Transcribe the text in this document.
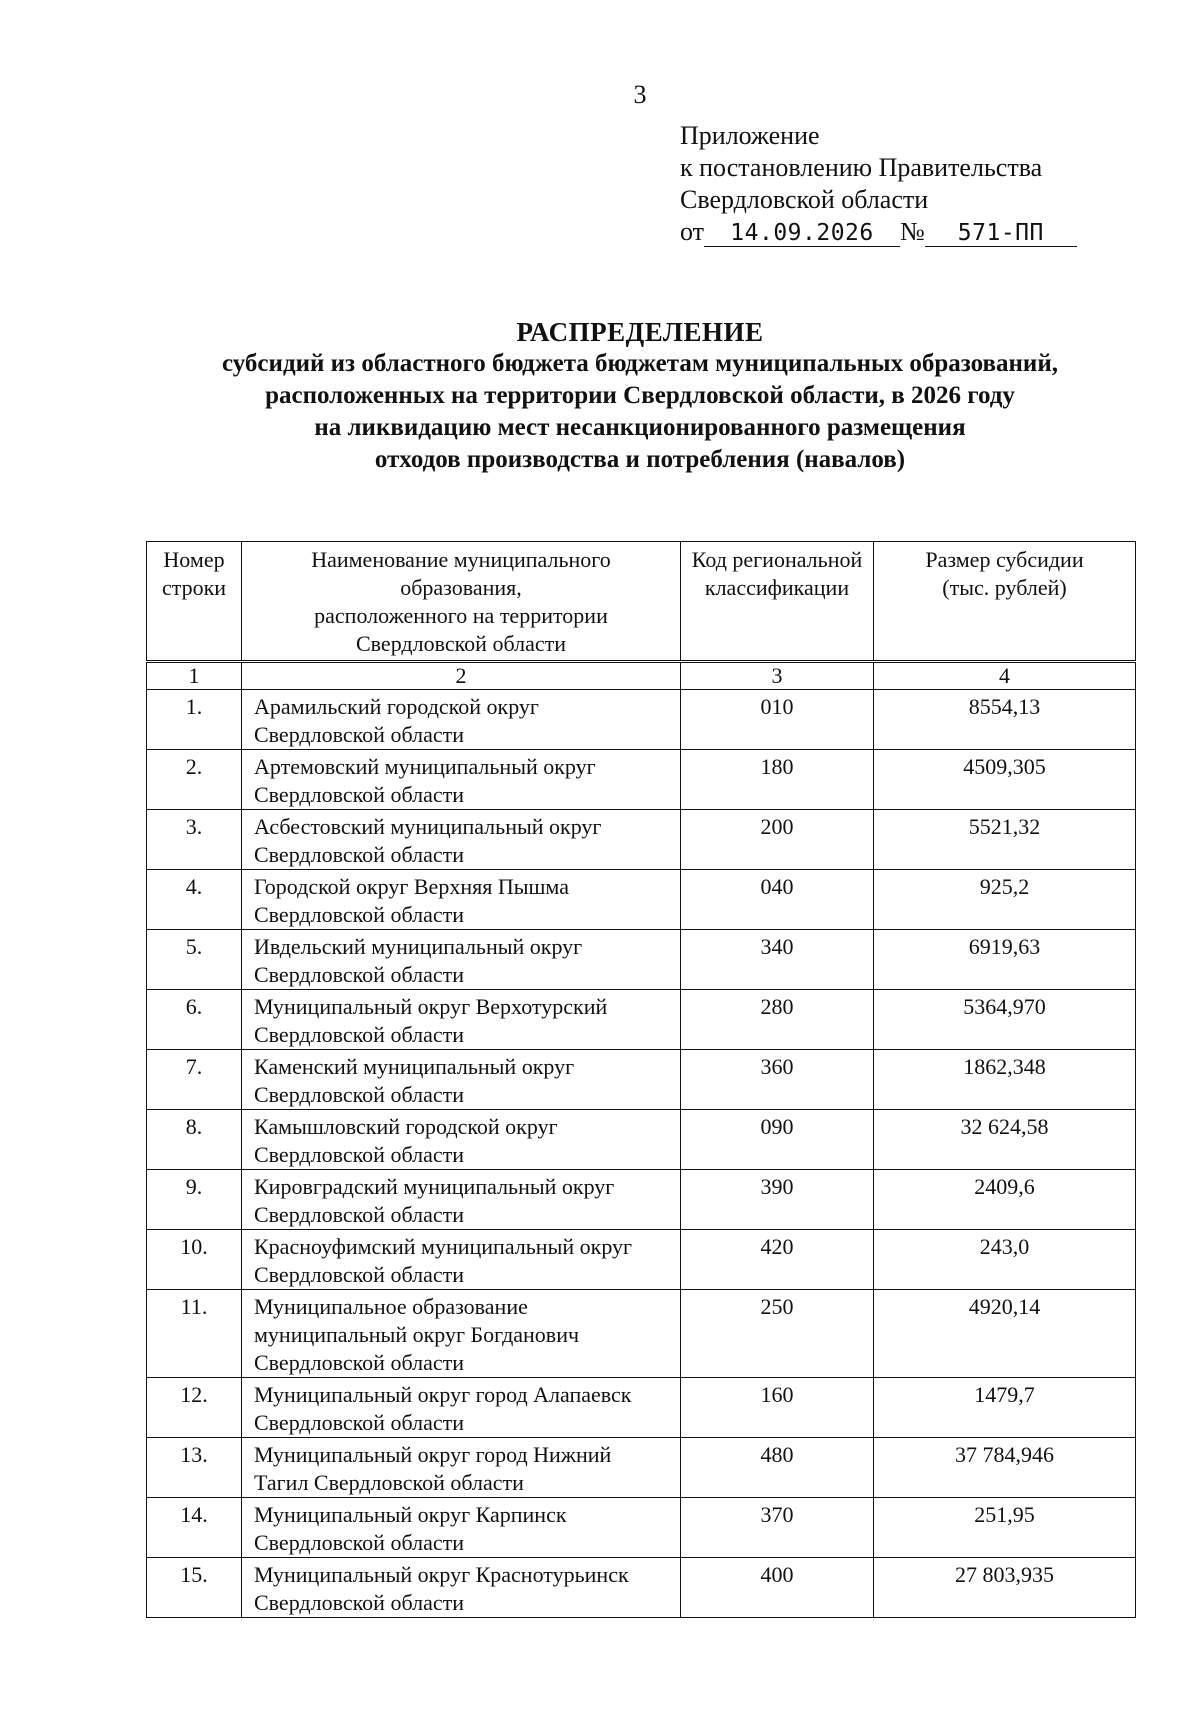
3
Приложение
к постановлению Правительства
Свердловской области
от 14.09.2026 № 571-ПП
РАСПРЕДЕЛЕНИЕ
субсидий из областного бюджета бюджетам муниципальных образований,
расположенных на территории Свердловской области, в 2026 году
на ликвидацию мест несанкционированного размещения
отходов производства и потребления (навалов)
Номер строки	Наименование муниципального
образования,
расположенного на территории
Свердловской области	Код региональной классификации	Размер субсидии
(тыс. рублей)

1	2	3	4
1.	Арамильский городской округ
Свердловской области	010	8554,13
2.	Артемовский муниципальный округ
Свердловской области	180	4509,305
3.	Асбестовский муниципальный округ
Свердловской области	200	5521,32
4.	Городской округ Верхняя Пышма
Свердловской области	040	925,2
5.	Ивдельский муниципальный округ
Свердловской области	340	6919,63
6.	Муниципальный округ Верхотурский
Свердловской области	280	5364,970
7.	Каменский муниципальный округ
Свердловской области	360	1862,348
8.	Камышловский городской округ
Свердловской области	090	32 624,58
9.	Кировградский муниципальный округ
Свердловской области	390	2409,6
10.	Красноуфимский муниципальный округ
Свердловской области	420	243,0
11.	Муниципальное образование
муниципальный округ Богданович
Свердловской области	250	4920,14
12.	Муниципальный округ город Алапаевск
Свердловской области	160	1479,7
13.	Муниципальный округ город Нижний
Тагил Свердловской области	480	37 784,946
14.	Муниципальный округ Карпинск
Свердловской области	370	251,95
15.	Муниципальный округ Краснотурьинск
Свердловской области	400	27 803,935
